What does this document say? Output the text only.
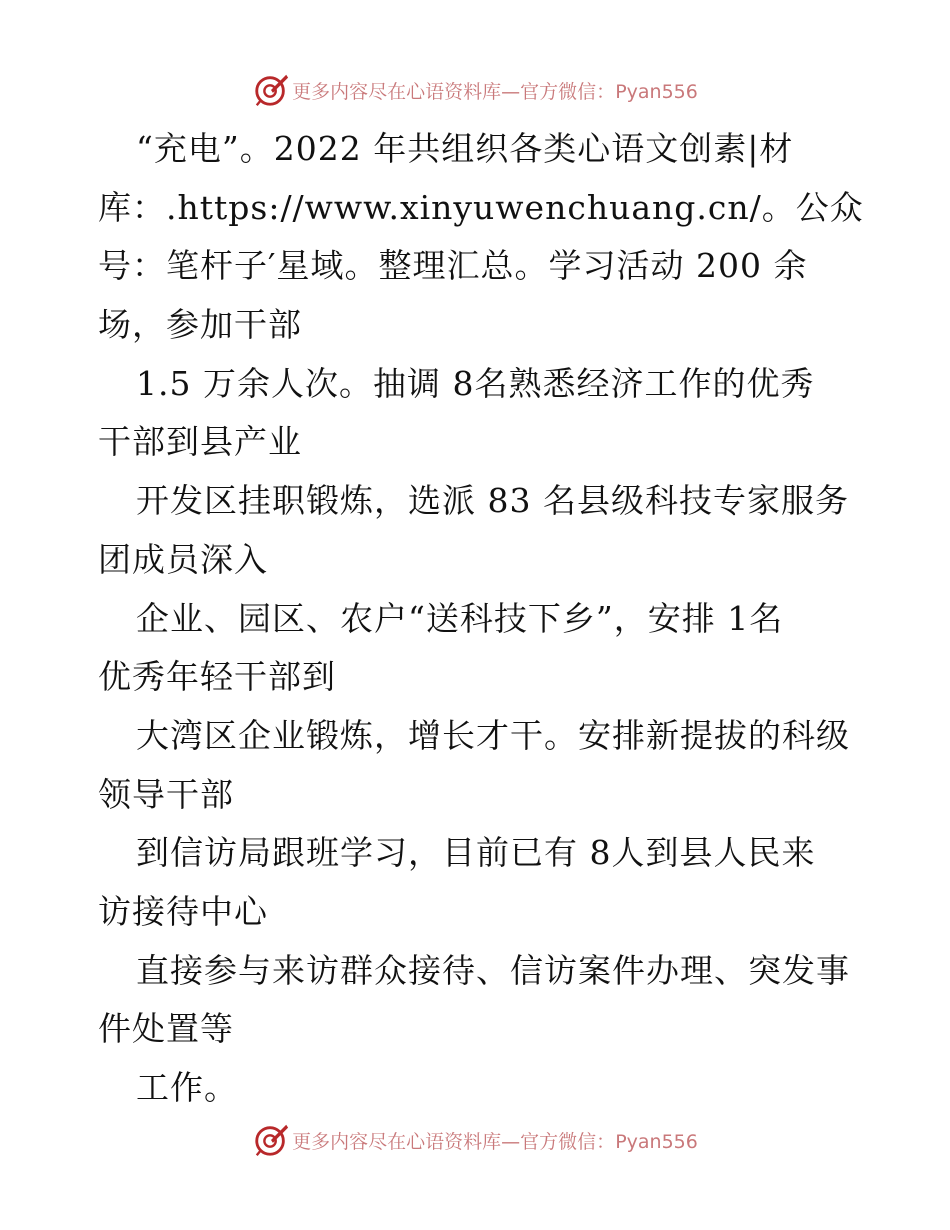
更多内容尽在心语资料库—官方微信：Pyan556
“充电”。2022 年共组织各类心语文创素|材
库：.https://www.xinyuwenchuang.cn/。公众
号：笔杆子′星域。整理汇总。学习活动 200 余
场，参加干部
1.5 万余人次。抽调 8名熟悉经济工作的优秀
干部到县产业
开发区挂职锻炼，选派 83 名县级科技专家服务
团成员深入
企业、园区、农户“送科技下乡”，安排 1名
优秀年轻干部到
大湾区企业锻炼，增长才干。安排新提拔的科级
领导干部
到信访局跟班学习，目前已有 8人到县人民来
访接待中心
直接参与来访群众接待、信访案件办理、突发事
件处置等
工作。
更多内容尽在心语资料库—官方微信：Pyan556
